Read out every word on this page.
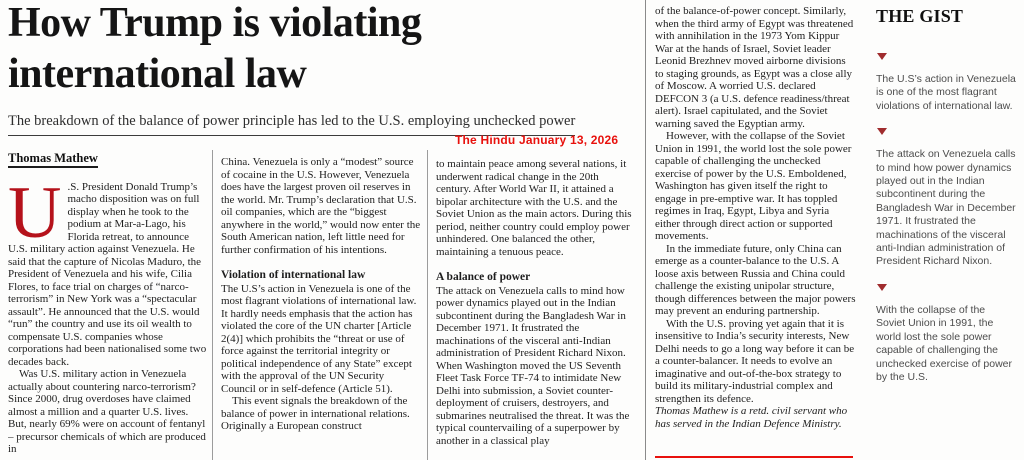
How Trump is violating international law
The breakdown of the balance of power principle has led to the U.S. employing unchecked power
The Hindu January 13, 2026
Thomas Mathew

U .S. President Donald Trump’s macho disposition was on full display when he took to the podium at Mar-a-Lago, his Florida retreat, to announce U.S. military action against Venezuela. He said that the capture of Nicolas Maduro, the President of Venezuela and his wife, Cilia Flores, to face trial on charges of “narco-terrorism” in New York was a “spectacular assault”. He announced that the U.S. would “run” the country and use its oil wealth to compensate U.S. companies whose corporations had been nationalised some two decades back.

Was U.S. military action in Venezuela actually about countering narco-terrorism? Since 2000, drug overdoses have claimed almost a million and a quarter U.S. lives. But, nearly 69% were on account of fentanyl – precursor chemicals of which are produced in

China. Venezuela is only a “modest” source of cocaine in the U.S. However, Venezuela does have the largest proven oil reserves in the world. Mr. Trump’s declaration that U.S. oil companies, which are the “biggest anywhere in the world,” would now enter the South American nation, left little need for further confirmation of his intentions.

Violation of international law

The U.S’s action in Venezuela is one of the most flagrant violations of international law. It hardly needs emphasis that the action has violated the core of the UN charter [Article 2(4)] which prohibits the “threat or use of force against the territorial integrity or political independence of any State” except with the approval of the UN Security Council or in self-defence (Article 51).

This event signals the breakdown of the balance of power in international relations. Originally a European construct

to maintain peace among several nations, it underwent radical change in the 20th century. After World War II, it attained a bipolar architecture with the U.S. and the Soviet Union as the main actors. During this period, neither country could employ power unhindered. One balanced the other, maintaining a tenuous peace.

A balance of power

The attack on Venezuela calls to mind how power dynamics played out in the Indian subcontinent during the Bangladesh War in December 1971. It frustrated the machinations of the visceral anti-Indian administration of President Richard Nixon. When Washington moved the US Seventh Fleet Task Force TF-74 to intimidate New Delhi into submission, a Soviet counter-deployment of cruisers, destroyers, and submarines neutralised the threat. It was the typical countervailing of a superpower by another in a classical play

of the balance-of-power concept. Similarly, when the third army of Egypt was threatened with annihilation in the 1973 Yom Kippur War at the hands of Israel, Soviet leader Leonid Brezhnev moved airborne divisions to staging grounds, as Egypt was a close ally of Moscow. A worried U.S. declared DEFCON 3 (a U.S. defence readiness/threat alert). Israel capitulated, and the Soviet warning saved the Egyptian army.

However, with the collapse of the Soviet Union in 1991, the world lost the sole power capable of challenging the unchecked exercise of power by the U.S. Emboldened, Washington has given itself the right to engage in pre-emptive war. It has toppled regimes in Iraq, Egypt, Libya and Syria either through direct action or supported movements.

In the immediate future, only China can emerge as a counter-balance to the U.S. A loose axis between Russia and China could challenge the existing unipolar structure, though differences between the major powers may prevent an enduring partnership.

With the U.S. proving yet again that it is insensitive to India’s security interests, New Delhi needs to go a long way before it can be a counter-balancer. It needs to evolve an imaginative and out-of-the-box strategy to build its military-industrial complex and strengthen its defence.

Thomas Mathew is a retd. civil servant who has served in the Indian Defence Ministry.

THE GIST
The U.S’s action in Venezuela is one of the most flagrant violations of international law.
The attack on Venezuela calls to mind how power dynamics played out in the Indian subcontinent during the Bangladesh War in December 1971. It frustrated the machinations of the visceral anti-Indian administration of President Richard Nixon.
With the collapse of the Soviet Union in 1991, the world lost the sole power capable of challenging the unchecked exercise of power by the U.S.
